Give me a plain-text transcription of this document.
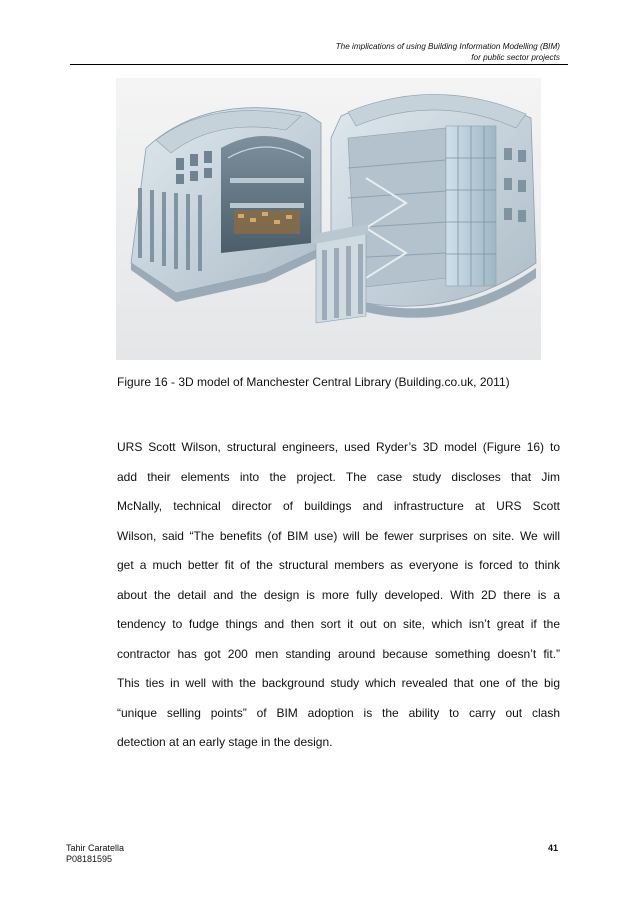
The implications of using Building Information Modelling (BIM)
for public sector projects
Figure 16 - 3D model of Manchester Central Library (Building.co.uk, 2011)

URS Scott Wilson, structural engineers, used Ryder’s 3D model (Figure 16) to

add their elements into the project. The case study discloses that Jim

McNally, technical director of buildings and infrastructure at URS Scott

Wilson, said “The benefits (of BIM use) will be fewer surprises on site. We will

get a much better fit of the structural members as everyone is forced to think

about the detail and the design is more fully developed. With 2D there is a

tendency to fudge things and then sort it out on site, which isn’t great if the

contractor has got 200 men standing around because something doesn’t fit.”

This ties in well with the background study which revealed that one of the big

“unique selling points” of BIM adoption is the ability to carry out clash

detection at an early stage in the design.

Tahir Caratella
P08181595
41
